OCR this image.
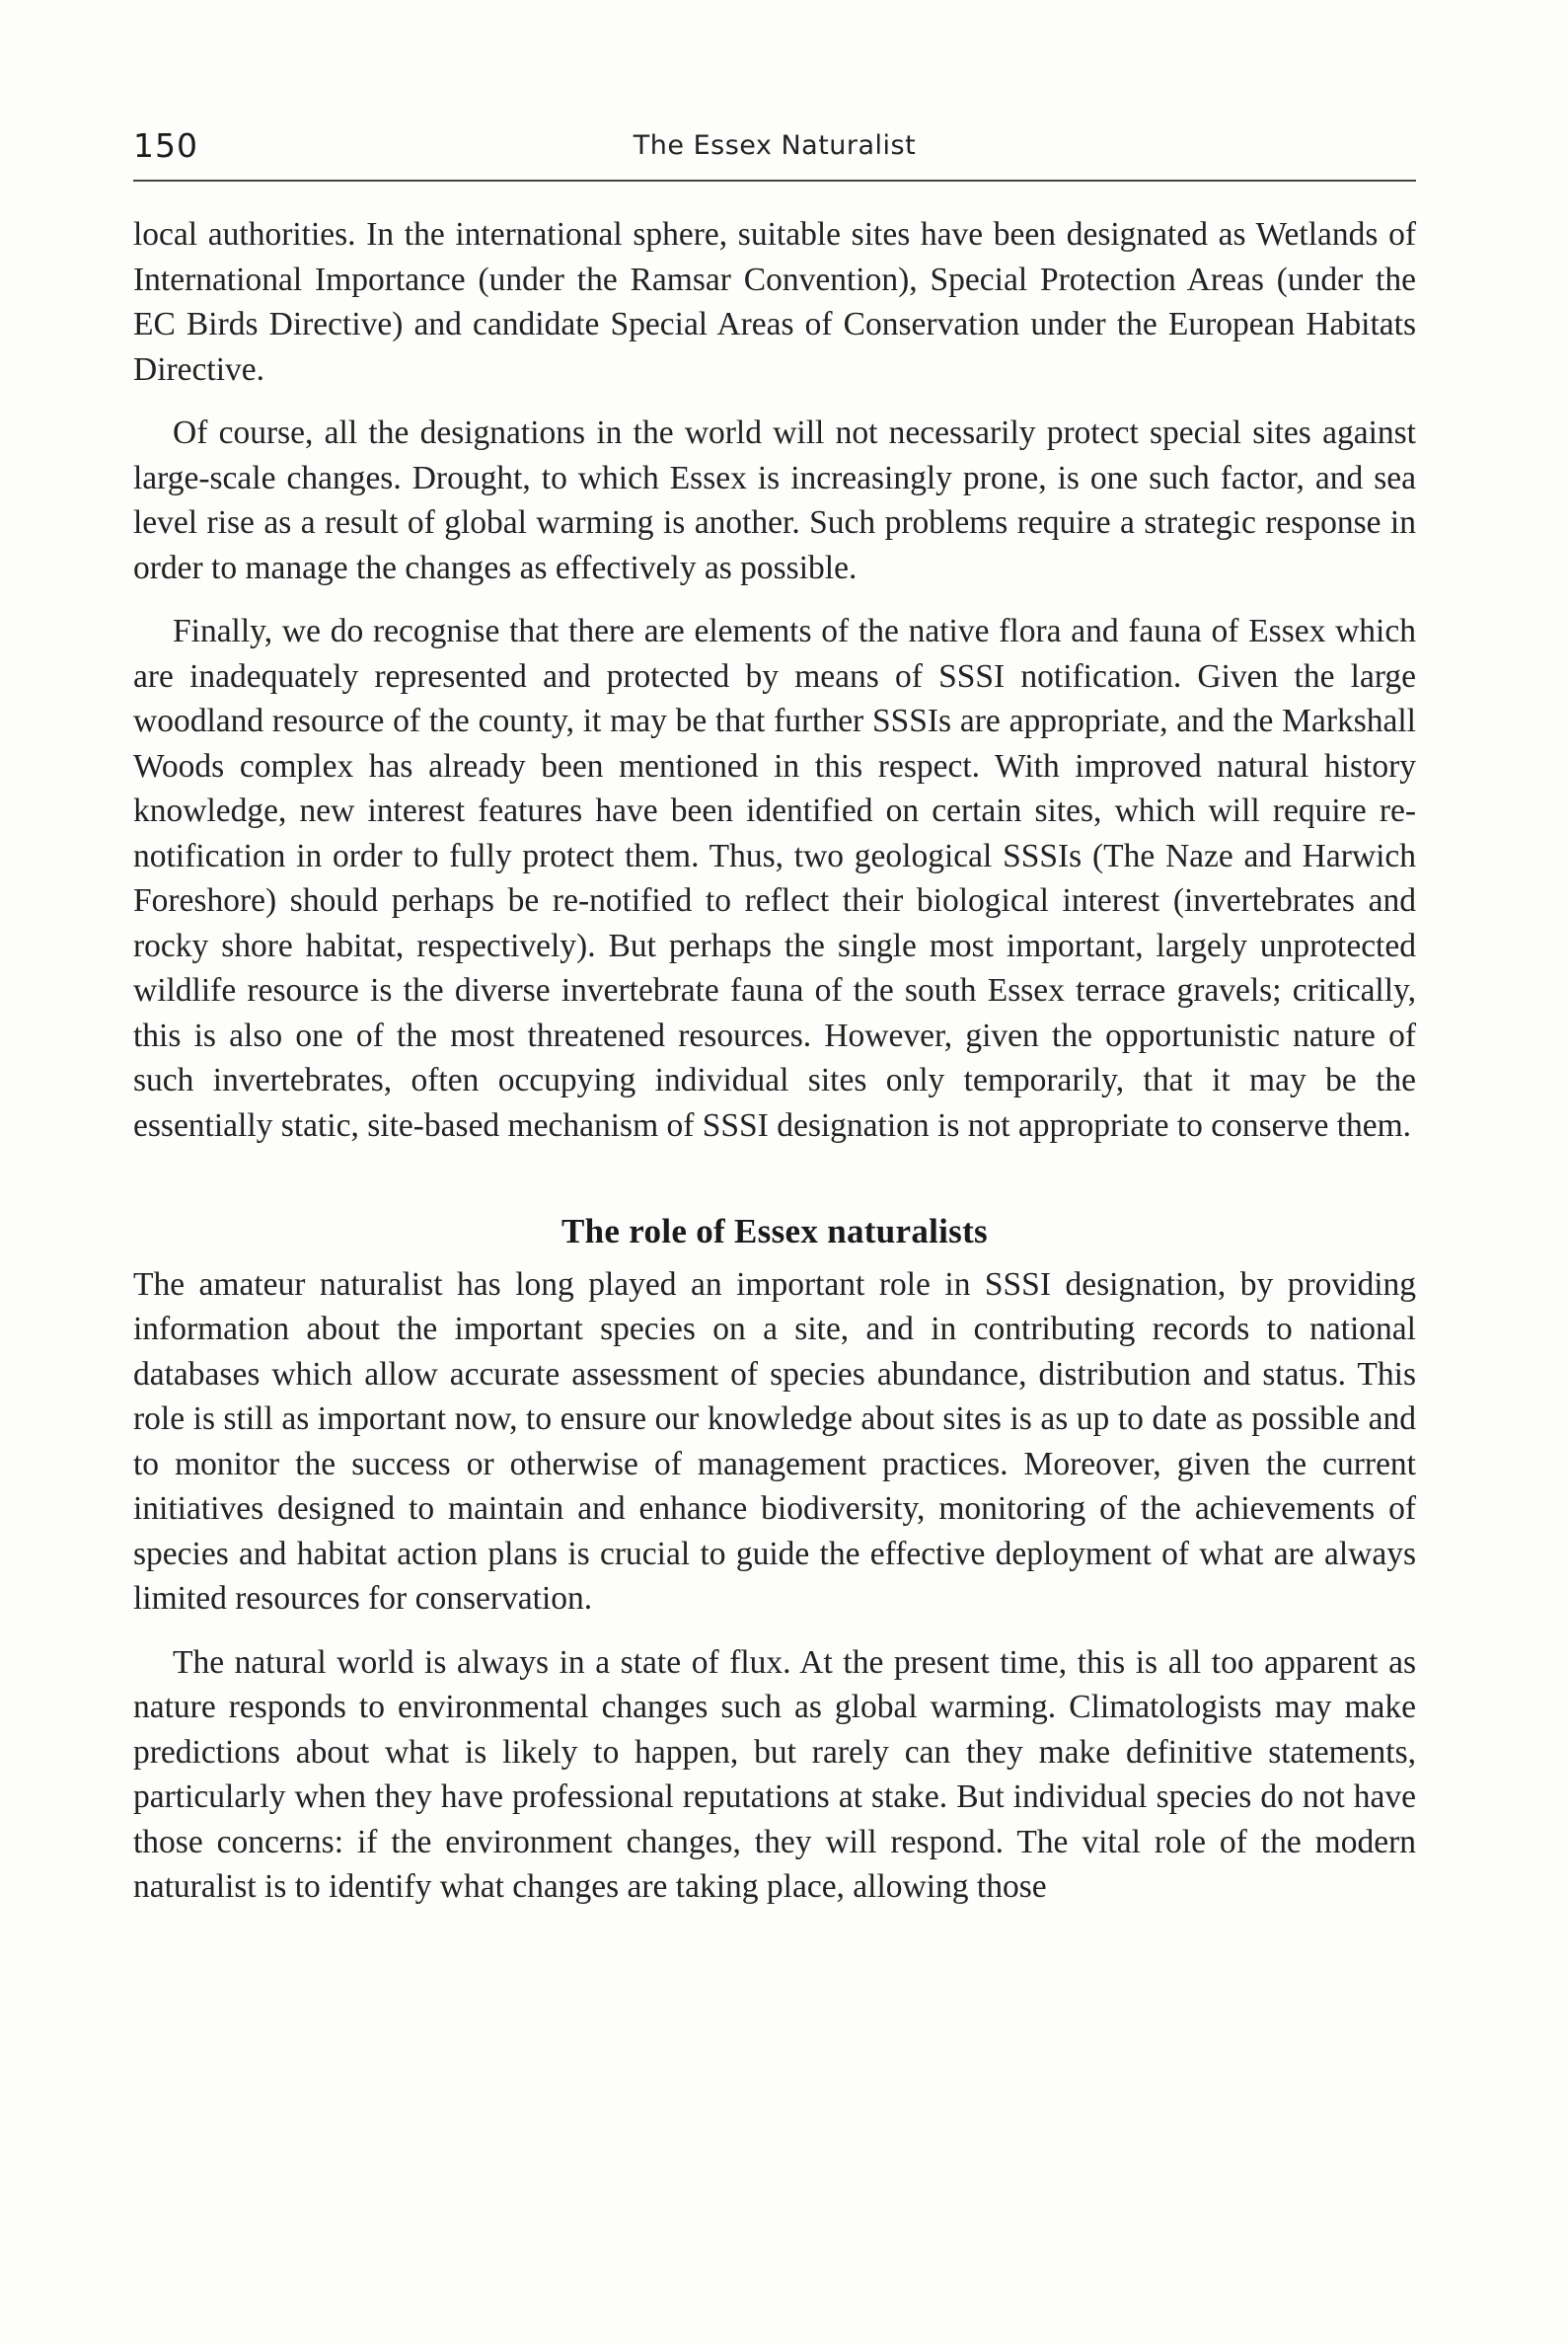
150	The Essex Naturalist

local authorities. In the international sphere, suitable sites have been designated as Wetlands of International Importance (under the Ramsar Convention), Special Protection Areas (under the EC Birds Directive) and candidate Special Areas of Conservation under the European Habitats Directive.

Of course, all the designations in the world will not necessarily protect special sites against large-scale changes. Drought, to which Essex is increasingly prone, is one such factor, and sea level rise as a result of global warming is another. Such problems require a strategic response in order to manage the changes as effectively as possible.

Finally, we do recognise that there are elements of the native flora and fauna of Essex which are inadequately represented and protected by means of SSSI notification. Given the large woodland resource of the county, it may be that further SSSIs are appropriate, and the Markshall Woods complex has already been mentioned in this respect. With improved natural history knowledge, new interest features have been identified on certain sites, which will require re-notification in order to fully protect them. Thus, two geological SSSIs (The Naze and Harwich Foreshore) should perhaps be re-notified to reflect their biological interest (invertebrates and rocky shore habitat, respectively). But perhaps the single most important, largely unprotected wildlife resource is the diverse invertebrate fauna of the south Essex terrace gravels; critically, this is also one of the most threatened resources. However, given the opportunistic nature of such invertebrates, often occupying individual sites only temporarily, that it may be the essentially static, site-based mechanism of SSSI designation is not appropriate to conserve them.

The role of Essex naturalists

The amateur naturalist has long played an important role in SSSI designation, by providing information about the important species on a site, and in contributing records to national databases which allow accurate assessment of species abundance, distribution and status. This role is still as important now, to ensure our knowledge about sites is as up to date as possible and to monitor the success or otherwise of management practices. Moreover, given the current initiatives designed to maintain and enhance biodiversity, monitoring of the achievements of species and habitat action plans is crucial to guide the effective deployment of what are always limited resources for conservation.

The natural world is always in a state of flux. At the present time, this is all too apparent as nature responds to environmental changes such as global warming. Climatologists may make predictions about what is likely to happen, but rarely can they make definitive statements, particularly when they have professional reputations at stake. But individual species do not have those concerns: if the environment changes, they will respond. The vital role of the modern naturalist is to identify what changes are taking place, allowing those
